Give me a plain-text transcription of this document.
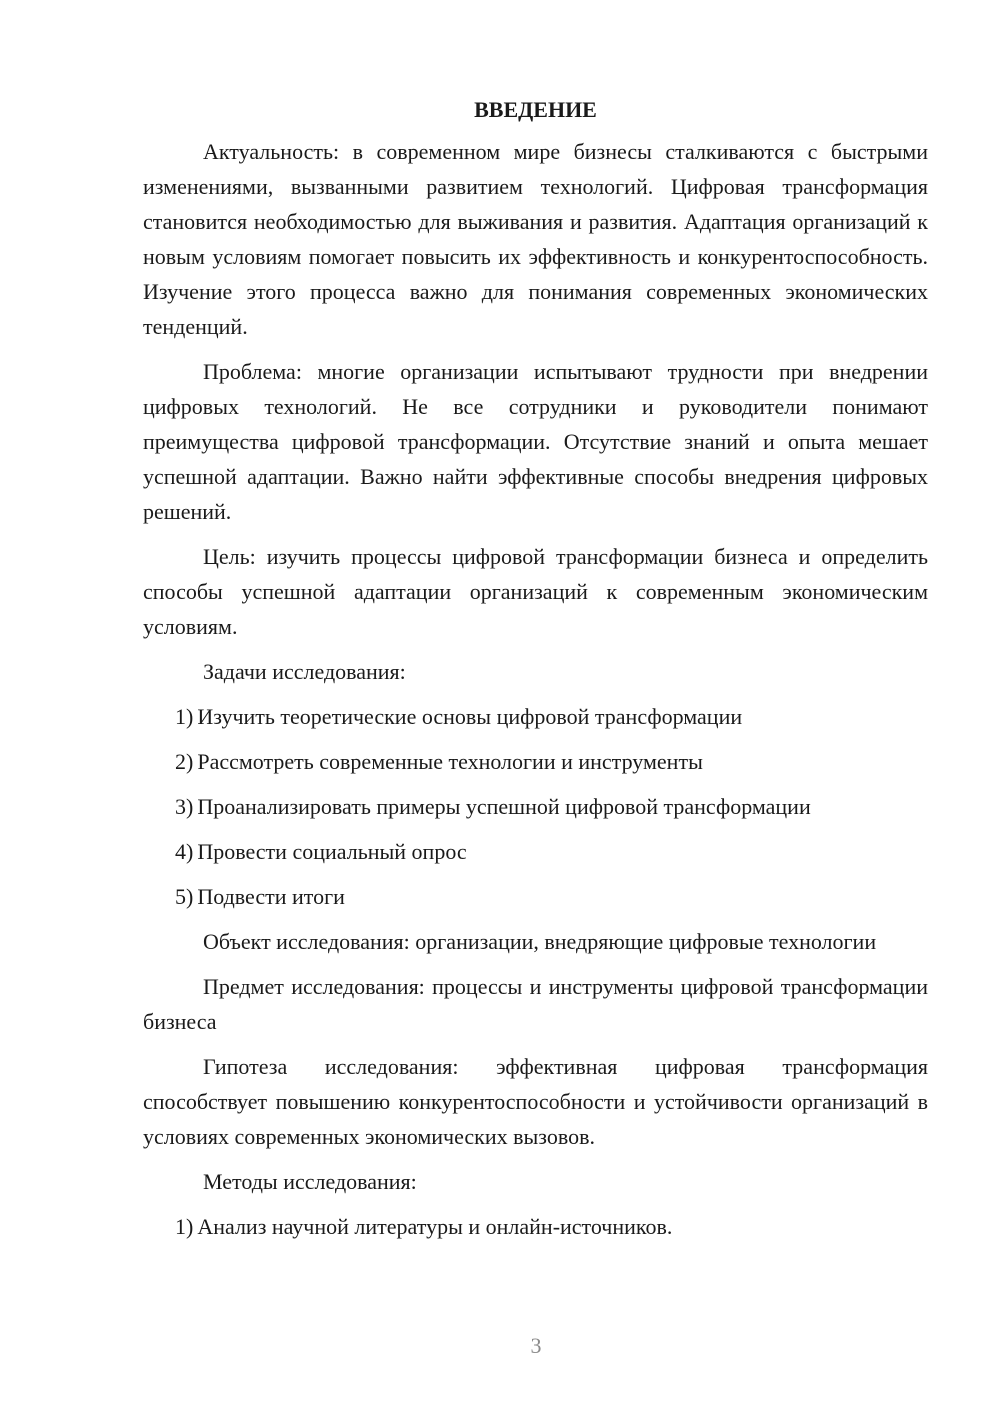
ВВЕДЕНИЕ

Актуальность: в современном мире бизнесы сталкиваются с быстрыми изменениями, вызванными развитием технологий. Цифровая трансформация становится необходимостью для выживания и развития. Адаптация организаций к новым условиям помогает повысить их эффективность и конкурентоспособность. Изучение этого процесса важно для понимания современных экономических тенденций.

Проблема: многие организации испытывают трудности при внедрении цифровых технологий. Не все сотрудники и руководители понимают преимущества цифровой трансформации. Отсутствие знаний и опыта мешает успешной адаптации. Важно найти эффективные способы внедрения цифровых решений.

Цель: изучить процессы цифровой трансформации бизнеса и определить способы успешной адаптации организаций к современным экономическим условиям.

Задачи исследования:

1) Изучить теоретические основы цифровой трансформации
2) Рассмотреть современные технологии и инструменты
3) Проанализировать примеры успешной цифровой трансформации
4) Провести социальный опрос
5) Подвести итоги

Объект исследования: организации, внедряющие цифровые технологии

Предмет исследования: процессы и инструменты цифровой трансформации бизнеса

Гипотеза исследования: эффективная цифровая трансформация способствует повышению конкурентоспособности и устойчивости организаций в условиях современных экономических вызовов.

Методы исследования:

1) Анализ научной литературы и онлайн-источников.
3
